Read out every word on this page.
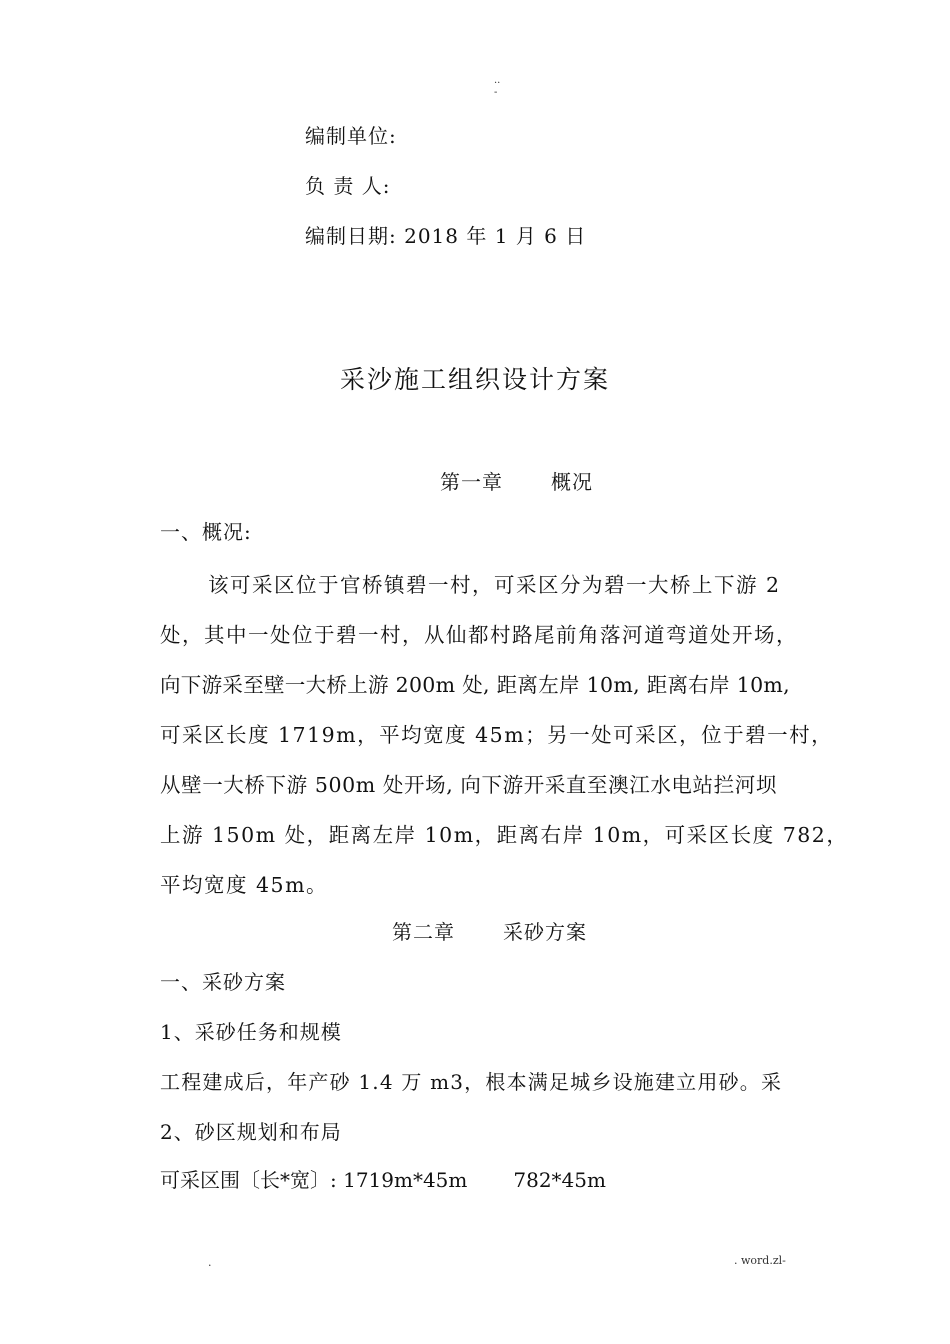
..
-
编制单位:
负 责 人:
编制日期: 2018 年 1 月 6 日
采沙施工组织设计方案
第一章 概况
一、概况:
该可采区位于官桥镇碧一村，可采区分为碧一大桥上下游 2
处，其中一处位于碧一村，从仙都村路尾前角落河道弯道处开场，
向下游采至壁一大桥上游 200m 处, 距离左岸 10m, 距离右岸 10m,
可采区长度 1719m，平均宽度 45m；另一处可采区，位于碧一村，
从壁一大桥下游 500m 处开场, 向下游开采直至澳江水电站拦河坝
上游 150m 处，距离左岸 10m，距离右岸 10m，可采区长度 782，
平均宽度 45m。
第二章 采砂方案
一、采砂方案
1、采砂任务和规模
工程建成后，年产砂 1.4 万 m3，根本满足城乡设施建立用砂。采
2、砂区规划和布局
可采区围〔长*宽〕: 1719m*45m 782*45m
.	. word.zl-
